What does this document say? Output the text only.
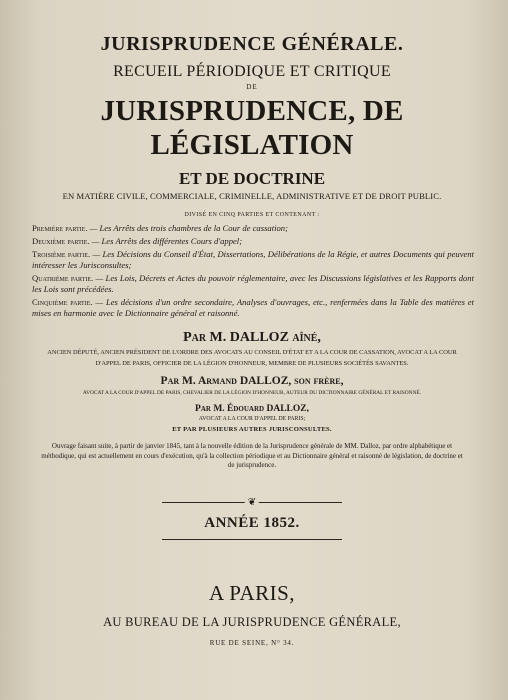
JURISPRUDENCE GÉNÉRALE.
RECUEIL PÉRIODIQUE ET CRITIQUE
DE
JURISPRUDENCE, DE LÉGISLATION
ET DE DOCTRINE
EN MATIÈRE CIVILE, COMMERCIALE, CRIMINELLE, ADMINISTRATIVE ET DE DROIT PUBLIC.
DIVISÉ EN CINQ PARTIES ET CONTENANT :
Première partie. — Les Arrêts des trois chambres de la Cour de cassation;
Deuxième partie. — Les Arrêts des différentes Cours d'appel;
Troisième partie. — Les Décisions du Conseil d'État, Dissertations, Délibérations de la Régie, et autres Documents qui peuvent intéresser les Jurisconsultes;
Quatrième partie. — Les Lois, Décrets et Actes du pouvoir réglementaire, avec les Discussions législatives et les Rapports dont les Lois sont précédées.
Cinquième partie. — Les décisions d'un ordre secondaire, Analyses d'ouvrages, etc., renfermées dans la Table des matières et mises en harmonie avec le Dictionnaire général et raisonné.
Par M. DALLOZ aîné,
ANCIEN DÉPUTÉ, ANCIEN PRÉSIDENT DE L'ORDRE DES AVOCATS AU CONSEIL D'ÉTAT ET A LA COUR DE CASSATION, AVOCAT A LA COUR D'APPEL DE PARIS, OFFICIER DE LA LÉGION D'HONNEUR, MEMBRE DE PLUSIEURS SOCIÉTÉS SAVANTES.
Par M. Armand DALLOZ, son frère,
AVOCAT A LA COUR D'APPEL DE PARIS, CHEVALIER DE LA LÉGION D'HONNEUR, AUTEUR DU DICTIONNAIRE GÉNÉRAL ET RAISONNÉ.
Par M. Édouard DALLOZ,
AVOCAT A LA COUR D'APPEL DE PARIS;
ET PAR PLUSIEURS AUTRES JURISCONSULTES.
Ouvrage faisant suite, à partir de janvier 1845, tant à la nouvelle édition de la Jurisprudence générale de MM. Dalloz, par ordre alphabétique et méthodique, qui est actuellement en cours d'exécution, qu'à la collection périodique et au Dictionnaire général et raisonné de législation, de doctrine et de jurisprudence.
❦
ANNÉE 1852.
A PARIS,
AU BUREAU DE LA JURISPRUDENCE GÉNÉRALE,
RUE DE SEINE, N° 34.
